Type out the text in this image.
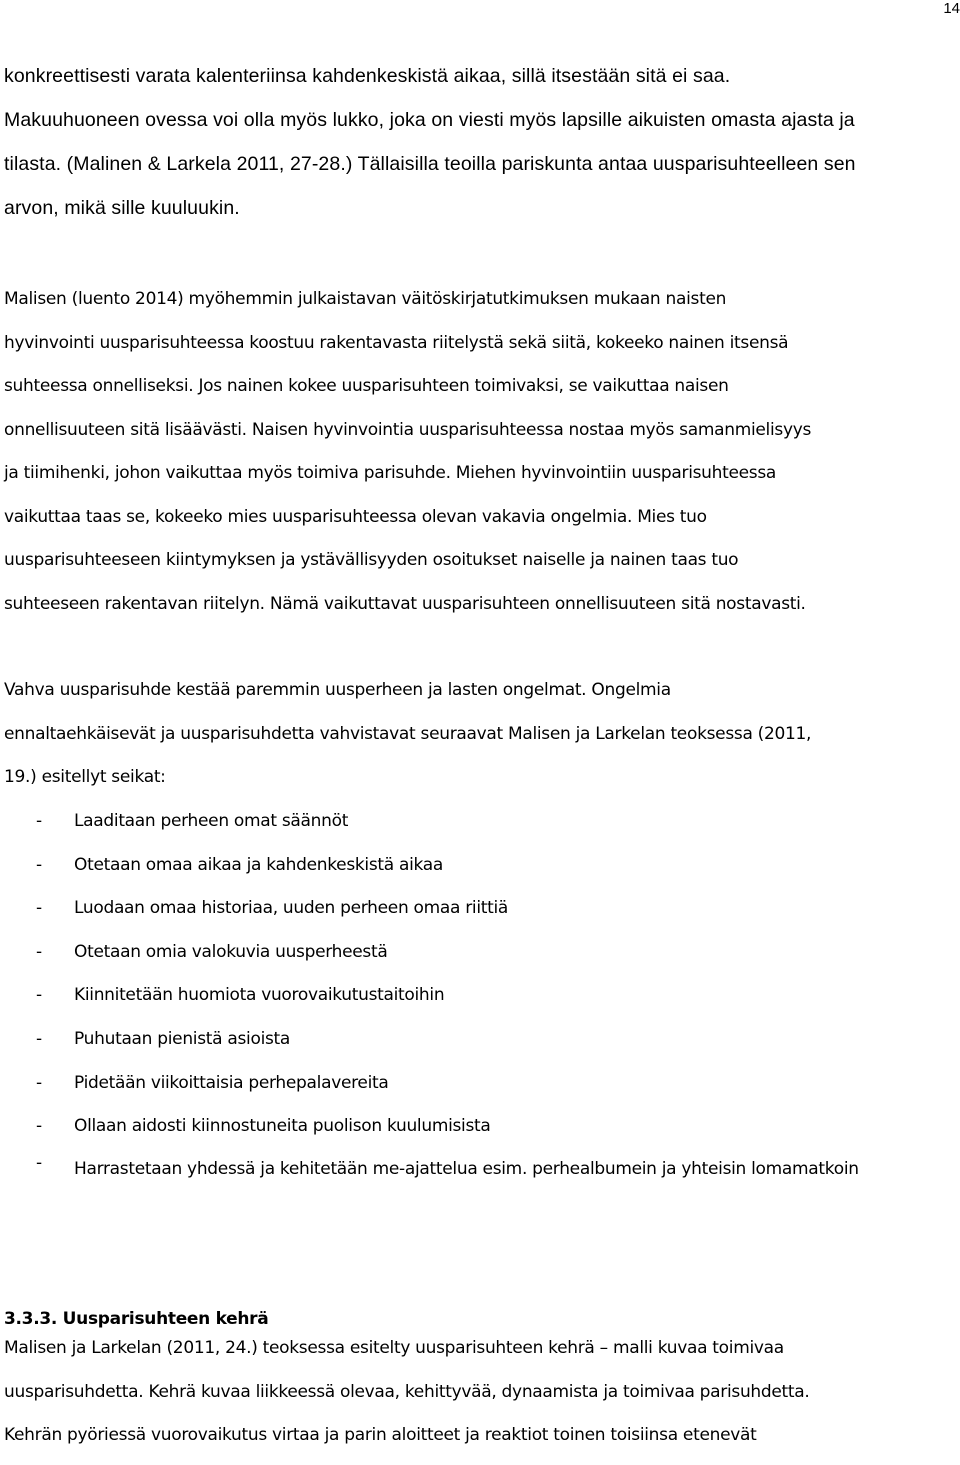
14
konkreettisesti varata kalenteriinsa kahdenkeskistä aikaa, sillä itsestään sitä ei saa.
Makuuhuoneen ovessa voi olla myös lukko, joka on viesti myös lapsille aikuisten omasta ajasta ja
tilasta. (Malinen & Larkela 2011, 27-28.) Tällaisilla teoilla pariskunta antaa uusparisuhteelleen sen
arvon, mikä sille kuuluukin.
Malisen (luento 2014) myöhemmin julkaistavan väitöskirjatutkimuksen mukaan naisten
hyvinvointi uusparisuhteessa koostuu rakentavasta riitelystä sekä siitä, kokeeko nainen itsensä
suhteessa onnelliseksi. Jos nainen kokee uusparisuhteen toimivaksi, se vaikuttaa naisen
onnellisuuteen sitä lisäävästi. Naisen hyvinvointia uusparisuhteessa nostaa myös samanmielisyys
ja tiimihenki, johon vaikuttaa myös toimiva parisuhde. Miehen hyvinvointiin uusparisuhteessa
vaikuttaa taas se, kokeeko mies uusparisuhteessa olevan vakavia ongelmia. Mies tuo
uusparisuhteeseen kiintymyksen ja ystävällisyyden osoitukset naiselle ja nainen taas tuo
suhteeseen rakentavan riitelyn. Nämä vaikuttavat uusparisuhteen onnellisuuteen sitä nostavasti.
Vahva uusparisuhde kestää paremmin uusperheen ja lasten ongelmat. Ongelmia
ennaltaehkäisevät ja uusparisuhdetta vahvistavat seuraavat Malisen ja Larkelan teoksessa (2011,
19.) esitellyt seikat:
- Laaditaan perheen omat säännöt
- Otetaan omaa aikaa ja kahdenkeskistä aikaa
- Luodaan omaa historiaa, uuden perheen omaa riittiä
- Otetaan omia valokuvia uusperheestä
- Kiinnitetään huomiota vuorovaikutustaitoihin
- Puhutaan pienistä asioista
- Pidetään viikoittaisia perhepalavereita
- Ollaan aidosti kiinnostuneita puolison kuulumisista
- Harrastetaan yhdessä ja kehitetään me-ajattelua esim. perhealbumein ja yhteisin lomamatkoin
3.3.3. Uusparisuhteen kehrä
Malisen ja Larkelan (2011, 24.) teoksessa esitelty uusparisuhteen kehrä – malli kuvaa toimivaa
uusparisuhdetta. Kehrä kuvaa liikkeessä olevaa, kehittyvää, dynaamista ja toimivaa parisuhdetta.
Kehrän pyöriessä vuorovaikutus virtaa ja parin aloitteet ja reaktiot toinen toisiinsa etenevät
